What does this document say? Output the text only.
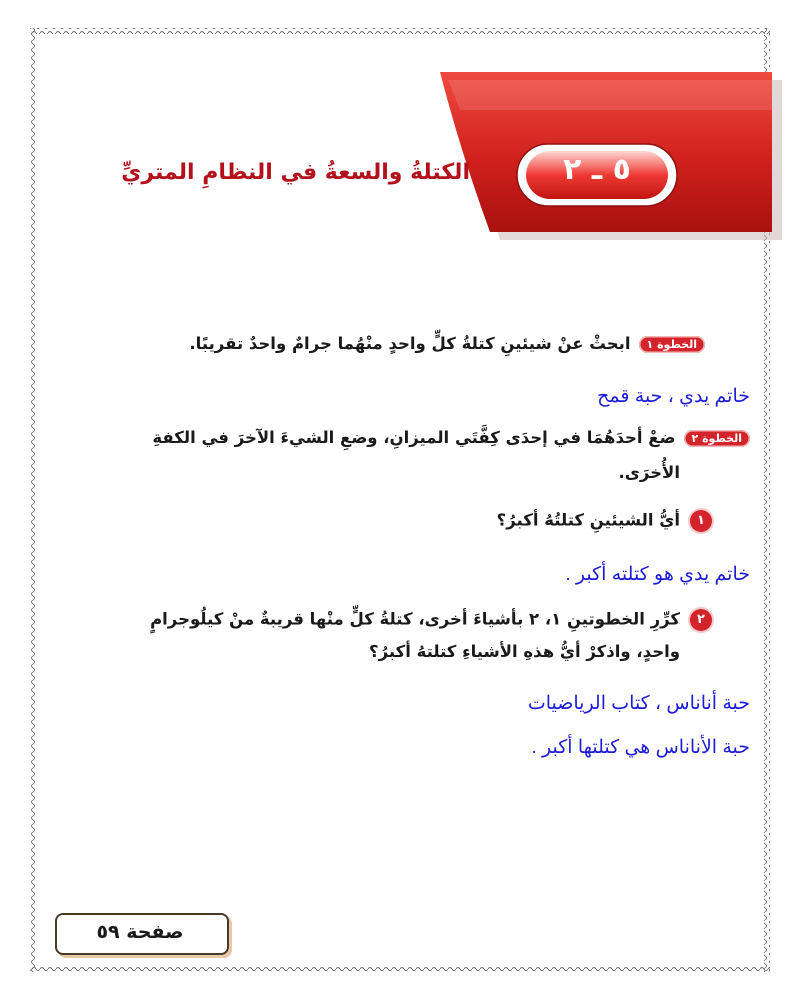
٥ ـ ٢
الكتلةُ والسعةُ في النظامِ المتريِّ
الخطوة ١ابحثْ عنْ شيئينِ كتلةُ كلٍّ واحدٍ منْهُما جرامٌ واحدٌ تقريبًا.
خاتم يدي ، حبة قمح
الخطوة ٢ضعْ أحدَهُمَا في إحدَى كِفَّتَي الميزانِ، وضعِ الشيءَ الآخرَ في الكفةِ
الأُخرَى.
١أيُّ الشيئينِ كتلتُهُ أكبرُ؟
خاتم يدي هو كتلته أكبر .
٢كرِّرِ الخطوتينِ ١، ٢ بأشياءَ أخرى، كتلةُ كلٍّ منْها قريبةٌ منْ كيلُوجرامٍ
واحدٍ، واذكرْ أيُّ هذهِ الأشياءِ كتلتهُ أكبرُ؟
حبة أناناس ، كتاب الرياضيات
حبة الأناناس هي كتلتها أكبر .
صفحة ٥٩
